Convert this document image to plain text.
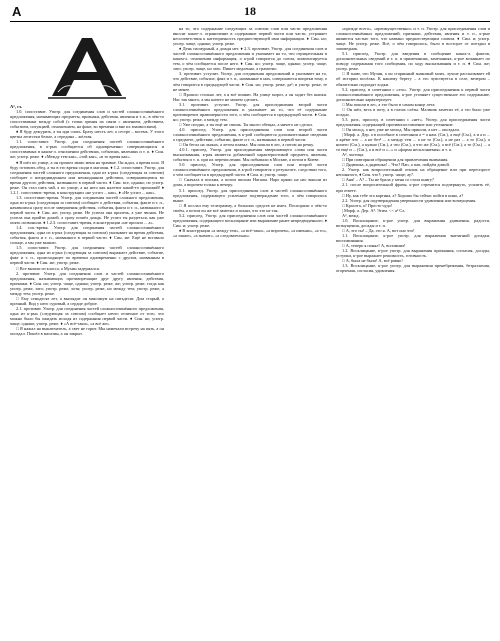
А	18

А¹, сз.

1.0. сопоставит. Употр. для соединения слов и частей сложносочинённого предложения, называющих предметы, признаки, действия, явления и т. п., в чём-то сопоставимые между собой (с точки зрения их связи с явлением, действием, событием, ситуацией, отношением, на фоне, во времени и вне их взаимосвязи).

♦ Я буду дежурить, а ты иди спать. Брату шесть лет, а сестре – восемь. У этого цветка лепестки белые, а середина – жёлтая.

1.1. сопоставит. Употр. для соединения частей сложносочинённого предложения, в к-рых сообщается об одновременно совершающихся и сопоставимых в каком-л. отношении действиях, событиях, явлениях и т. п. ♦ Син. же; употр. реже. ♦ «Между тем как», «той как», «в то время как».

♦ Я шёл по улице, а он прошел мимо меня на трамвае. Он ждал, а время шло. Я буду готовить обед, а ты в это время сходи в магазин. ♦ 1.2. сопоставит. Употр. для соединения частей сложного предложения, одна из к-рых (следующая за союзом) сообщает о непредвиденном или неожиданном действии, совершающемся во время другого действия, названного в первой части. ♦ Син. все, однако; по употр. реже. Он стал пить чай, а по улице, а на него как налетит какой-то прохожий! ♦ 1.2.1. сопоставит.-время, в конструкции «не успел ... как», ♦ «Не успел ... как».

1.3. сопоставит.-время. Употр. для соединения частей сложного предложения, одна из к-рых (следующая за союзом) сообщает о действии, событии, факте и т. п., начавшихся сразу после завершения действия, события, факта и т. п., названного в первой части. ♦ Син. же; употр. реже. Не успела она прилечь, а уже звонок. Не успела она прийти домой, а сразу пошёл дождь. Не успел ты раздеться, как уже опять позвонили. ♦ 1.2.3. сопоставит.-время, в конструкции «не прошло ... а».

1.4. соп.-время. Употр. для соединения частей сложносочинённого предложения, одна из к-рых (следующая за союзом) указывает на время действия, события, факта и т. п., названного в первой части. ♦ Син. же. Ещё не вставало солнце, а мы уже вышли.

1.5. сопоставит. Употр. для соединения частей сложносочинённого предложения, одна из к-рых (следующая за союзом) выражает действие, событие, факт и т. п., происходящее по времени одновременно с другим, названным в первой части. ♦ Син. же; употр. реже.

□ Все вышли из класса, а Мухин задержался.

2. противит. Употр. для соединения слов и частей сложносочинённого предложения, называющих противоречащие друг другу явления, действия, признаки. ♦ Син. но; употр. чаще, однако; употр. реже, же; употр. реже, тогда как употр. реже, зато; употр. реже, хотя; употр. реже, но между тем; употр. реже, а между тем; употр. реже.

□ Ему семьдесят лет, а выглядит он максимум на пятьдесят. Дом старый, а прочный. Вид у него суровый, а сердце доброе.

2.1. противит. Употр. для соединения частей сложносочинённого предложения, одна из к-рых (следующая за союзом) сообщает нечто отличное от того, что можно было бы ожидать исходя из содержания первой части. ♦ Син. но; употр. чаще, однако; употр. реже. ♦ «А всё-таки», «а всё же».

□ Я нажал на выключатель, а свет не горит. Мы намечали встречу на пять, а он опоздал. Пошёл в магазин, а он закрыт.

на то, что содержание следующих за союзом слов или части предложения вносит какое-л. ограничение в содержание первой части или части, устраняет несоответствия к категоричность предшествующей ими информации. ♦ Син. но; употр. чаще, однако; употр. реже.

♦ День пасмурный, а дождя нет. ♦ 2.3. противит. Употр. для соединения слов и частей сложносочинённого предложения и указывает на то, что отрицательная в каком-л. отношении информация, о к-рой говорится до союза, компенсируется тем, о чём сообщается после него. ♦ Син. но; употр. чаще, однако; употр. чаще, зато; употр. чаще, но зато. Пишет медленно, а грамотно.

3. противит. уступит. Употр. для соединения предложений и указывает на то, что действие, событие, факт и т. п., названные в них, совершаются вопреки тому, о чём говорится в предыдущей части. ♦ Син. но; употр. реже, да²; и употр. реже, те не менее.

□ Прошло столько лет, а я всё помню. На улице мороз, а он ходит без шапки. Нас так много, а мы ничего не можем сделать.

3.1. противит. уступит. Употр. для присоединения второй части сложносочинённого предложения и указывает на то, что её содержание противоречит правомерности того, о чём сообщается в предыдущей части. ♦ Син. но; употр. реже, а между тем.

□ Уже поздно, а ты ещё не спишь. Ты много обещал, а ничего не сделал.

4.0. присоед. Употр. для присоединения слов или второй части сложносочинённого предложения, в к-рой сообщаются дополнительные сведения о предмете, действии, событии, факте и т. п., названных в первой части.

□ Он бегал на лыжах, а летом плавал. Мы пошли в лес, а потом на речку.

4.0.1. присоед. Употр. для присоединения завершающего слова или части высказывания, к-рая является добавочной характеристикой предмета, явления, события и т. п. при их перечислении. Мы побывали в Москве, а потом в Киеве.

5.0. присоед. Употр. для присоединения слов или второй части сложносочинённого предложения, в к-рой говорится о результате, следствии того, о чём сообщается в предыдущей части. ♦ Син. и; употр. чаще.

□ Сначала в письма, а потом письма Наташа. Наро прямо на нас вышли из дома, а впрочем только к вечеру.

5.1. присоед. Употр. для присоединения слов и частей сложносочинённого предложения, содержащего усиленное подтверждение того, о чём говорилось выше.

□ Я послал ему телеграмму, а больших средств не имел. Поспорили о чём-то своём, а потом он же всё заметил и понял, что это не так.

5.2. присоед. Употр. для присоединения слов или частей сложносочинённого предложения, содержащего восклицание или выражение ранее непредвиденного. ♦ Син. и; употр. реже.

♦ В конструкции «а между тем», «а всё-таки», «а впрочем», «а именно», «а то», «а также», «а значит», «а следовательно».

«прежде всего», «преимущественно» и т. п. Употр. для присоединения слов и сложносочинённых предложений, признаки, действия, явления и т. п., к-рые являются частью того, что названо предшествующим словом. ♦ Син. и; употр. чаще. Не употр. реже. Всё, о чём говорилось, было в восторге от поездки в заповедник.

5.1. присоед. Употр. для введения в сообщение каких-л. фактов, дополнительных сведений и т. п. в примечаниях, замечаниях, к-рое возникает по поводу содержания того сообщения, по ходу высказывания и т. п. ♦ Син. же; употр. реже.

□ Я знаю, что Музин, а он старинный знакомый моих, лучше рассказывает ей об истории посёлка. К нашему берегу – а это чувствуется в селе, вечером – обязательно подходят лодки.

5.2. присоед. в сочетании с «это». Употр. для присоединения к первой части сложносочинённого предложения, к-рое уточняет существенное его содержание, дополнительно характеризует.

□ Мы пошли в лес, а это было в самом конце лета.

□ Он шёл, весь в поту, а в глазах слёзы. Мальчик заметил её, а это было уже поздно.

5.3. разг., присоед. в сочетании с «нет». Употр. для присоединения части предложения, содержащей противопоставление или уточнение.

□ Он молод, а нет, уже не молод. Мы пришли, а нет – опоздали.

| Морф. а. Дер. а в пособное в сочетании а = а нам. (См.), а ещё (См.), а и а и ... а крёме что ... а не без² ... а между тем ... а не то (См.), а не раз ... а то (См.), а ничего (См.), а нужно (См.), а что (См.), а что же (См.), а всё (См.), а то (См.) ... а то ещё и ... (См.), а и всё и «...» и «форма несклоняемая» и т. п.

А², частица.

□ При повторном обращении для привлечения внимания.

□ Дядюшка, а дядюшка! – Что? Пап, а пап, пойдём домой.

2. Употр. как вопросительный отклик на обращение или при переспросе непонятого, ♦ Син. что?; употр. чаще; ау?.

□ Аня! – А? – Ты не брала у меня со стола книгу?

2.1. после вопросительной фразы, к-рое стремится подчеркнуть, усилить её, при ответе.

□ Ну, как тебе эта картина, а? Хорошо бы сейчас пойти в кино, а?

2.2. Употр. для подтверждения уверенности удивления или возмущения.

□ Красота, а? Просто чудо!

| Морф. а. Дер. А². Этим. << а² Сл.

А³, межд.

1.0. Восклицание, к-рое употр. для выражения удивления, радости, возмущения, досады и т. п.

□ А, это ты! – Да, это я. А, вот оно что!

1.1. Восклицание, к-рое употр. для выражения внезапной догадки, воспоминания.

□ А, теперь я понял! А, вспомнил!

1.2. Восклицание, к-рое употр. для выражения признания, согласия, досады, уступки, к-рое выражает решимость, готовность.

□ А, была не была! А, всё равно!

1.3. Восклицание, к-рое употр. для выражения пренебрежения, безразличия, огорчения, согласия, удивления.
